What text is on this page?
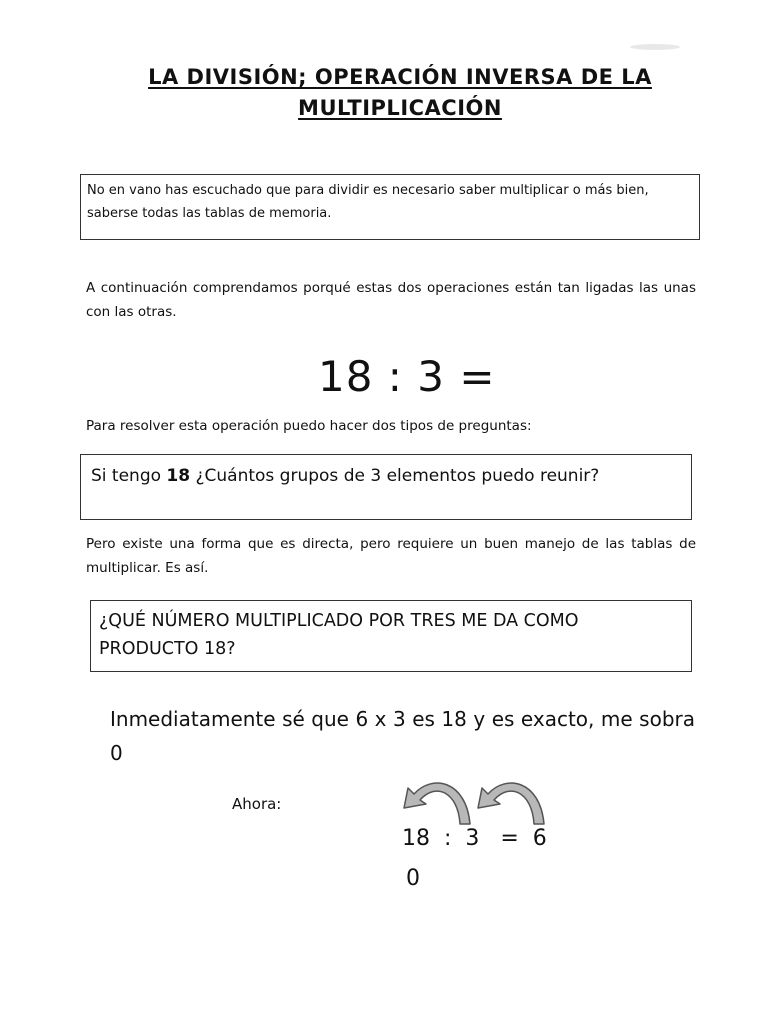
LA DIVISIÓN; OPERACIÓN INVERSA DE LA
MULTIPLICACIÓN
No en vano has escuchado que para dividir es necesario saber multiplicar o más bien, saberse todas las tablas de memoria.
A continuación comprendamos porqué estas dos operaciones están tan ligadas las unas con las otras.
18 : 3 =
Para resolver esta operación puedo hacer dos tipos de preguntas:
Si tengo 18 ¿Cuántos grupos de 3 elementos puedo reunir?
Pero existe una forma que es directa, pero requiere un buen manejo de las tablas de multiplicar. Es así.
¿QUÉ NÚMERO MULTIPLICADO POR TRES ME DA COMO PRODUCTO 18?
Inmediatamente sé que 6 x 3 es 18 y es exacto, me sobra 0
Ahora:
18  :  3   =  6
0
